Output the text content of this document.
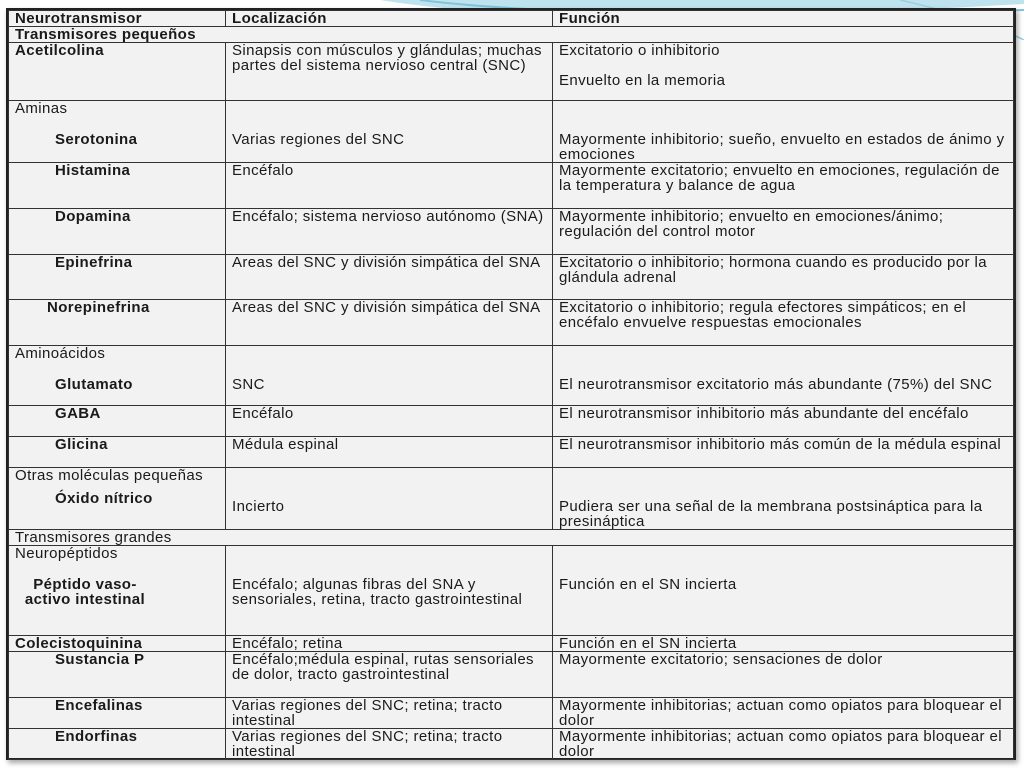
Neurotransmisor	Localización	Función
Transmisores pequeños		
Acetilcolina	Sinapsis con músculos y glándulas; muchas partes del sistema nervioso central (SNC)	Excitatorio o inhibitorio
Envuelto en la memoria

Aminas
Serotonina	Varias regiones del SNC	Mayormente inhibitorio; sueño, envuelto en estados de ánimo y emociones

Histamina	Encéfalo	Mayormente excitatorio; envuelto en emociones, regulación de la temperatura y balance de agua
Dopamina	Encéfalo; sistema nervioso autónomo (SNA)	Mayormente inhibitorio; envuelto en emociones/ánimo; regulación del control motor
Epinefrina	Areas del SNC y división simpática del SNA	Excitatorio o inhibitorio; hormona cuando es producido por la glándula adrenal
Norepinefrina	Areas del SNC y división simpática del SNA	Excitatorio o inhibitorio; regula efectores simpáticos; en el encéfalo envuelve respuestas emocionales

Aminoácidos
Glutamato	SNC	El neurotransmisor excitatorio más abundante (75%) del SNC

GABA	Encéfalo	El neurotransmisor inhibitorio más abundante del encéfalo
Glicina	Médula espinal	El neurotransmisor inhibitorio más común de la médula espinal

Otras moléculas pequeñas
Óxido nítrico	Incierto	Pudiera ser una señal de la membrana postsináptica para la presináptica

Transmisores grandes		

Neuropéptidos
Péptido vaso-activo intestinal	Encéfalo; algunas fibras del SNA y sensoriales, retina, tracto gastrointestinal	Función en el SN incierta

Colecistoquinina	Encéfalo; retina	Función en el SN incierta
Sustancia P	Encéfalo;médula espinal, rutas sensoriales de dolor, tracto gastrointestinal	Mayormente excitatorio; sensaciones de dolor
Encefalinas	Varias regiones del SNC; retina; tracto intestinal	Mayormente inhibitorias; actuan como opiatos para bloquear el dolor
Endorfinas	Varias regiones del SNC; retina; tracto intestinal	Mayormente inhibitorias; actuan como opiatos para bloquear el dolor
